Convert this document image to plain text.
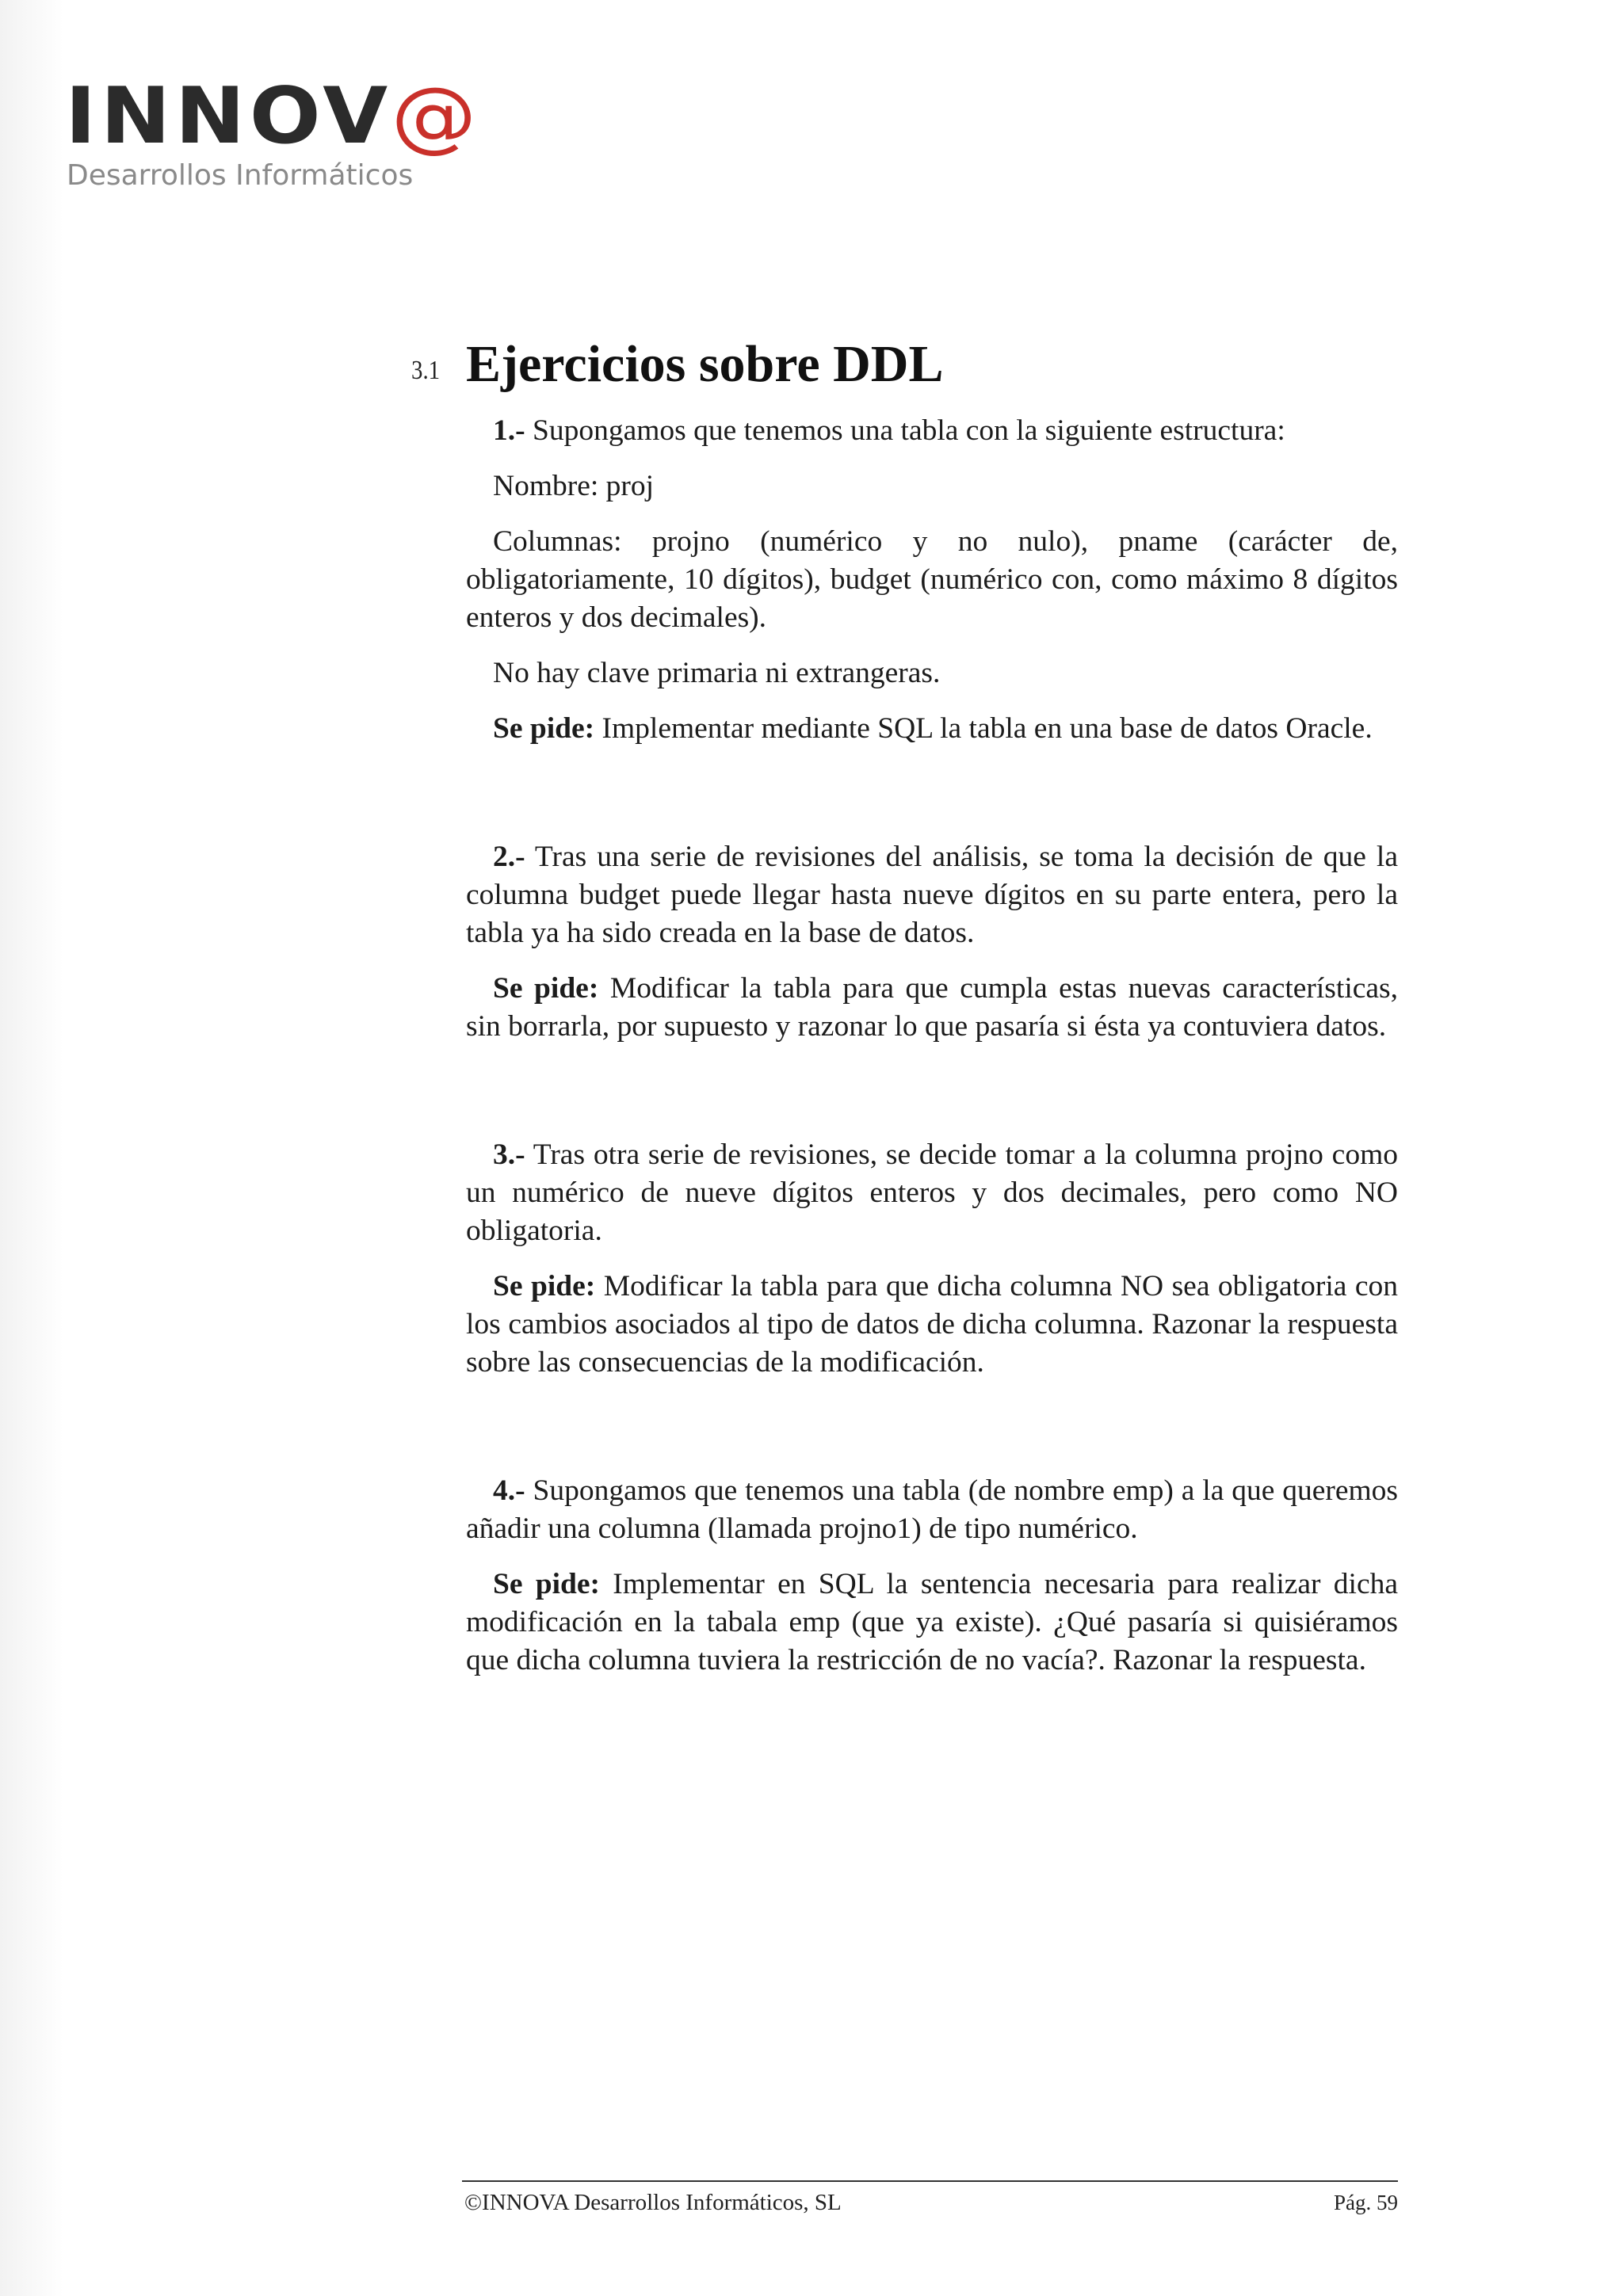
INNOV@
Desarrollos Informáticos
3.1 Ejercicios sobre DDL

1.- Supongamos que tenemos una tabla con la siguiente estructura:

Nombre: proj

Columnas: projno (numérico y no nulo), pname (carácter de, obligatoriamente, 10 dígitos), budget (numérico con, como máximo 8 dígitos enteros y dos decimales).

No hay clave primaria ni extrangeras.

Se pide: Implementar mediante SQL la tabla en una base de datos Oracle.

2.- Tras una serie de revisiones del análisis, se toma la decisión de que la columna budget puede llegar hasta nueve dígitos en su parte entera, pero la tabla ya ha sido creada en la base de datos.

Se pide: Modificar la tabla para que cumpla estas nuevas características, sin borrarla, por supuesto y razonar lo que pasaría si ésta ya contuviera datos.

3.- Tras otra serie de revisiones, se decide tomar a la columna projno como un numérico de nueve dígitos enteros y dos decimales, pero como NO obligatoria.

Se pide: Modificar la tabla para que dicha columna NO sea obligatoria con los cambios asociados al tipo de datos de dicha columna. Razonar la respuesta sobre las consecuencias de la modificación.

4.- Supongamos que tenemos una tabla (de nombre emp) a la que queremos añadir una columna (llamada projno1) de tipo numérico.

Se pide: Implementar en SQL la sentencia necesaria para realizar dicha modificación en la tabala emp (que ya existe). ¿Qué pasaría si quisiéramos que dicha columna tuviera la restricción de no vacía?. Razonar la respuesta.

©INNOVA Desarrollos Informáticos, SL	Pág. 59
